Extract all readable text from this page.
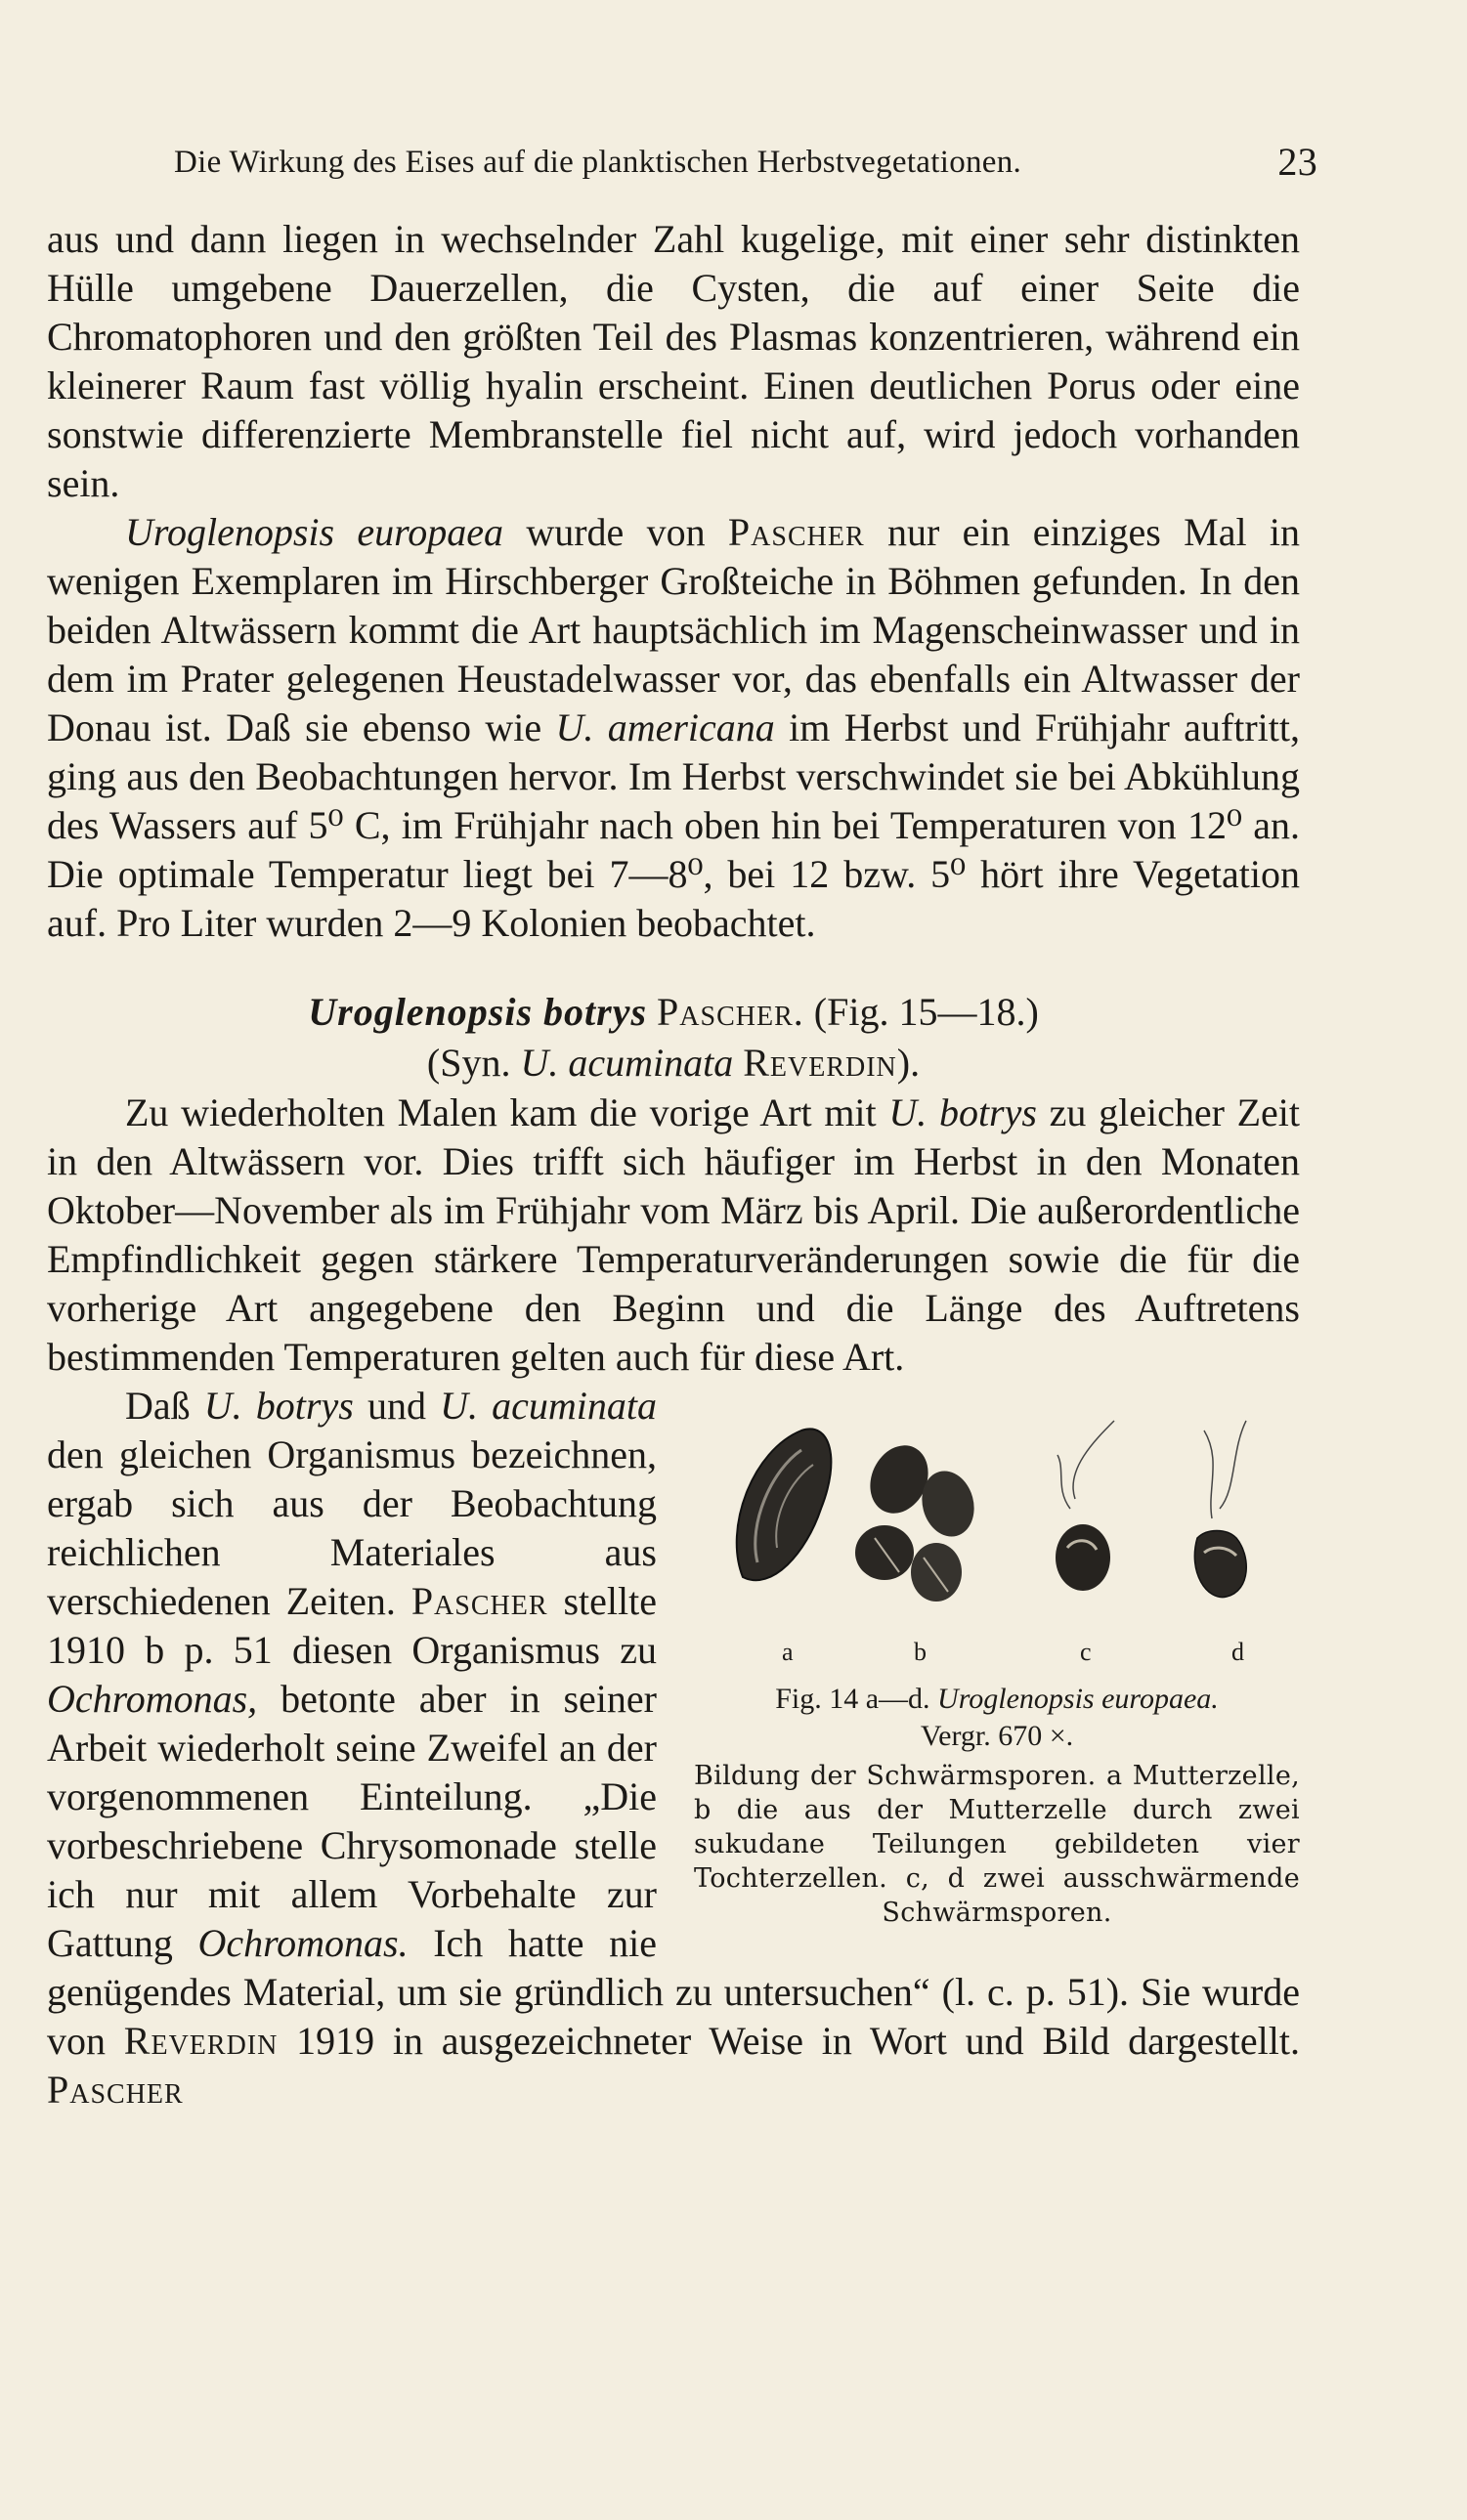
Die Wirkung des Eises auf die planktischen Herbstvegetationen.	23

aus und dann liegen in wechselnder Zahl kugelige, mit einer sehr distinkten Hülle umgebene Dauerzellen, die Cysten, die auf einer Seite die Chromatophoren und den größten Teil des Plasmas konzentrieren, während ein kleinerer Raum fast völlig hyalin erscheint. Einen deutlichen Porus oder eine sonstwie differenzierte Membranstelle fiel nicht auf, wird jedoch vorhanden sein.

Uroglenopsis europaea wurde von Pascher nur ein einziges Mal in wenigen Exemplaren im Hirschberger Großteiche in Böhmen gefunden. In den beiden Altwässern kommt die Art hauptsächlich im Magenscheinwasser und in dem im Prater gelegenen Heustadelwasser vor, das ebenfalls ein Altwasser der Donau ist. Daß sie ebenso wie U. americana im Herbst und Frühjahr auftritt, ging aus den Beobachtungen hervor. Im Herbst verschwindet sie bei Abkühlung des Wassers auf 5⁰ C, im Frühjahr nach oben hin bei Temperaturen von 12⁰ an. Die optimale Temperatur liegt bei 7—8⁰, bei 12 bzw. 5⁰ hört ihre Vegetation auf. Pro Liter wurden 2—9 Kolonien beobachtet.

Uroglenopsis botrys Pascher. (Fig. 15—18.)
(Syn. U. acuminata Reverdin).

Zu wiederholten Malen kam die vorige Art mit U. botrys zu gleicher Zeit in den Altwässern vor. Dies trifft sich häufiger im Herbst in den Monaten Oktober—November als im Frühjahr vom März bis April. Die außerordentliche Empfindlichkeit gegen stärkere Temperaturveränderungen sowie die für die vorherige Art angegebene den Beginn und die Länge des Auftretens bestimmenden Temperaturen gelten auch für diese Art.

a	b	c	d
Fig. 14 a—d. Uroglenopsis europaea.
Vergr. 670 ×.
Bildung der Schwärmsporen. a Mutterzelle, b die aus der Mutterzelle durch zwei sukudane Teilungen gebildeten vier Tochterzellen. c, d zwei ausschwärmende Schwärmsporen.

Daß U. botrys und U. acuminata den gleichen Organismus bezeichnen, ergab sich aus der Beobachtung reichlichen Materiales aus verschiedenen Zeiten. Pascher stellte 1910 b p. 51 diesen Organismus zu Ochromonas, betonte aber in seiner Arbeit wiederholt seine Zweifel an der vorgenommenen Einteilung. „Die vorbeschriebene Chrysomonade stelle ich nur mit allem Vorbehalte zur Gattung Ochromonas. Ich hatte nie genügendes Material, um sie gründlich zu untersuchen“ (l. c. p. 51). Sie wurde von Reverdin 1919 in ausgezeichneter Weise in Wort und Bild dargestellt. Pascher
